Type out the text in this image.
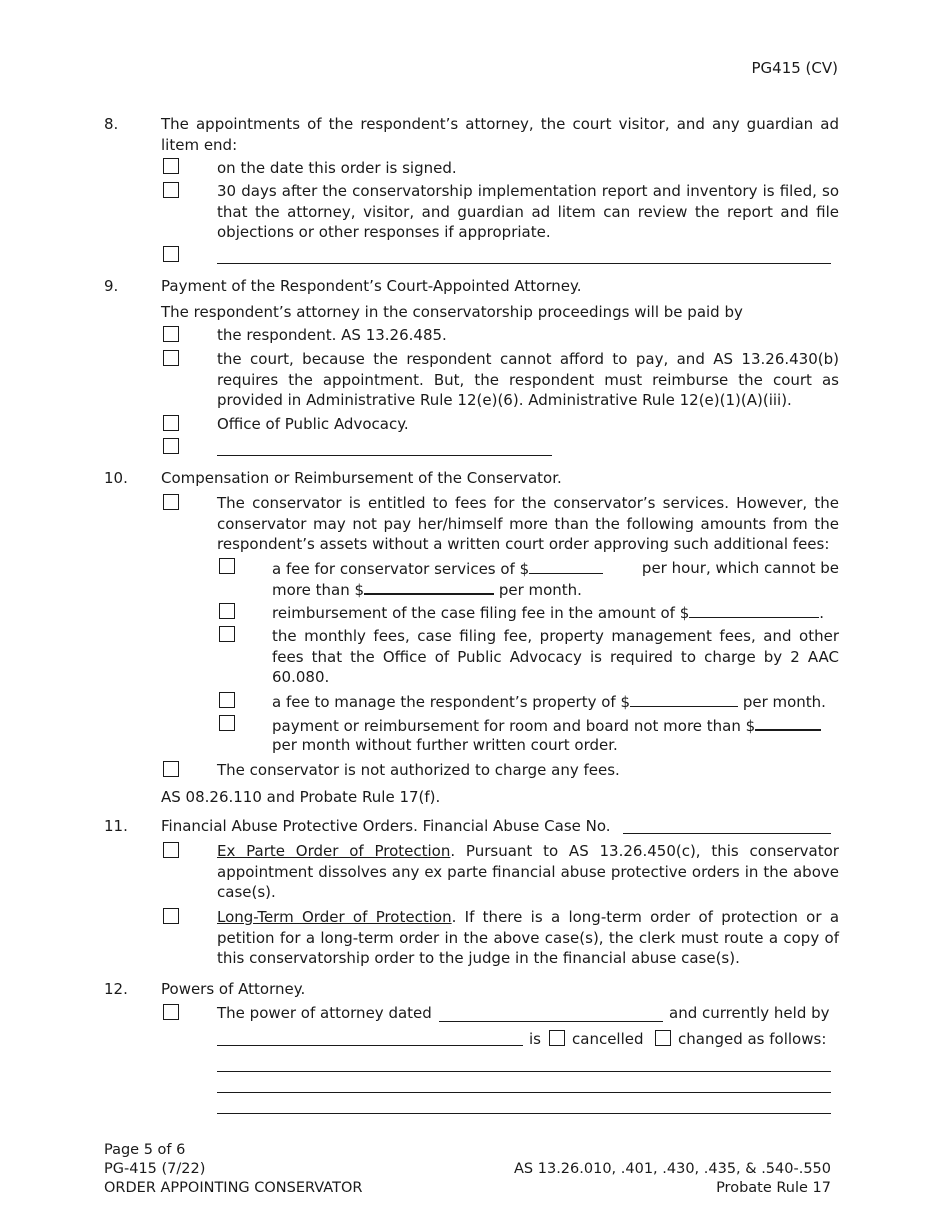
PG415 (CV)
8.	The appointments of the respondent’s attorney, the court visitor, and any guardian ad litem end:
on the date this order is signed.
30 days after the conservatorship implementation report and inventory is filed, so that the attorney, visitor, and guardian ad litem can review the report and file objections or other responses if appropriate.
9.	Payment of the Respondent’s Court-Appointed Attorney.
The respondent’s attorney in the conservatorship proceedings will be paid by
the respondent. AS 13.26.485.
the court, because the respondent cannot afford to pay, and AS 13.26.430(b) requires the appointment. But, the respondent must reimburse the court as provided in Administrative Rule 12(e)(6). Administrative Rule 12(e)(1)(A)(iii).
Office of Public Advocacy.
10. Compensation or Reimbursement of the Conservator.
The conservator is entitled to fees for the conservator’s services. However, the conservator may not pay her/himself more than the following amounts from the respondent’s assets without a written court order approving such additional fees:
a fee for conservator services of $	per hour, which cannot be
more than $	per month.
reimbursement of the case filing fee in the amount of $	.
the monthly fees, case filing fee, property management fees, and other fees that the Office of Public Advocacy is required to charge by 2 AAC 60.080.
a fee to manage the respondent’s property of $	per month.
payment or reimbursement for room and board not more than $
per month without further written court order.
The conservator is not authorized to charge any fees.
AS 08.26.110 and Probate Rule 17(f).
11. Financial Abuse Protective Orders. Financial Abuse Case No.
Ex Parte Order of Protection. Pursuant to AS 13.26.450(c), this conservator appointment dissolves any ex parte financial abuse protective orders in the above case(s).
Long-Term Order of Protection. If there is a long-term order of protection or a petition for a long-term order in the above case(s), the clerk must route a copy of this conservatorship order to the judge in the financial abuse case(s).
12. Powers of Attorney.
The power of attorney dated	and currently held by
is cancelled changed as follows:
Page 5 of 6
PG-415 (7/22)
ORDER APPOINTING CONSERVATOR
AS 13.26.010, .401, .430, .435, & .540-.550
Probate Rule 17
